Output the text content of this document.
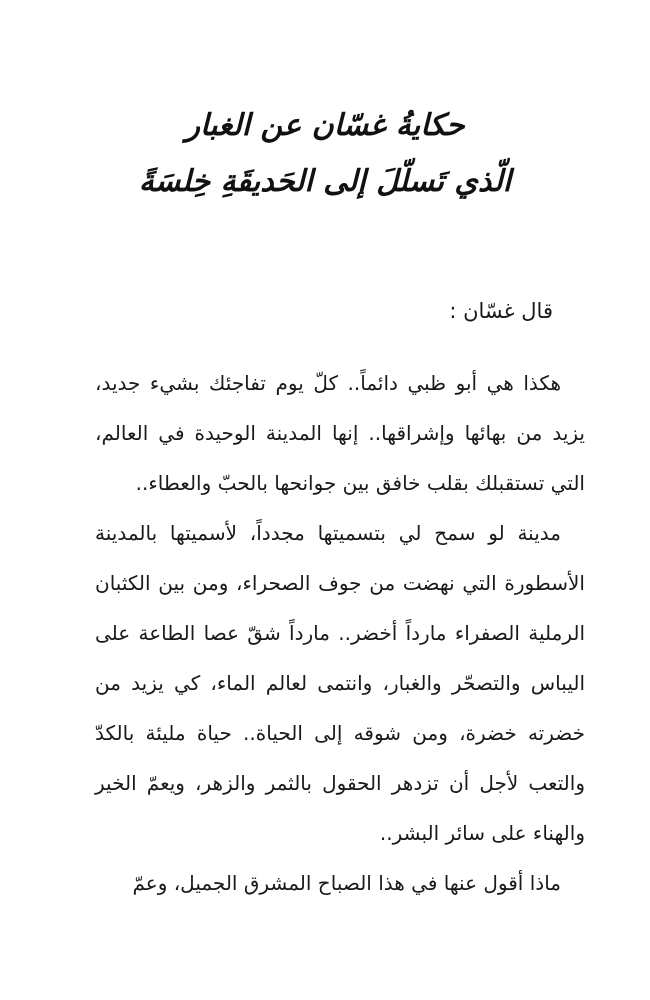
حكايةُ غسّان عن الغبار
الّذي تَسلّلَ إلى الحَديقَةِ خِلسَةً
قال غسّان :

هكذا هي أبو ظبي دائماً.. كلّ يوم تفاجئك بشيء جديد، يزيد من بهائها وإشراقها.. إنها المدينة الوحيدة في العالم، التي تستقبلك بقلب خافق بين جوانحها بالحبّ والعطاء..

مدينة لو سمح لي بتسميتها مجدداً، لأسميتها بالمدينة الأسطورة التي نهضت من جوف الصحراء، ومن بين الكثبان الرملية الصفراء مارداً أخضر.. مارداً شقّ عصا الطاعة على اليباس والتصحّر والغبار، وانتمى لعالم الماء، كي يزيد من خضرته خضرة، ومن شوقه إلى الحياة.. حياة مليئة بالكدّ والتعب لأجل أن تزدهر الحقول بالثمر والزهر، ويعمّ الخير والهناء على سائر البشر..

ماذا أقول عنها في هذا الصباح المشرق الجميل، وعمّ
